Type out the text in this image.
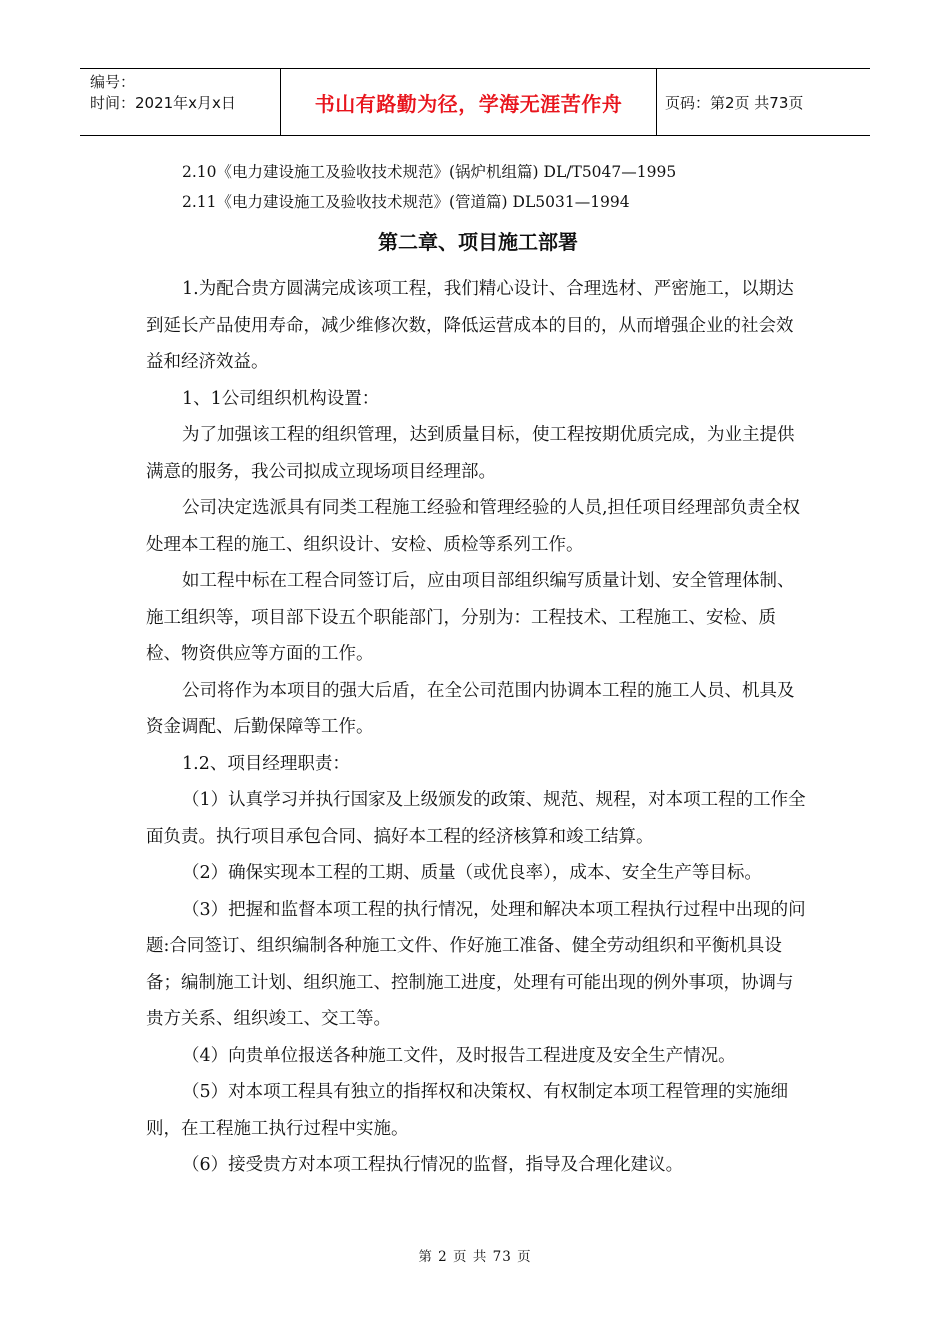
编号：
时间：2021年x月x日	书山有路勤为径，学海无涯苦作舟	页码：第2页 共73页

2.10《电力建设施工及验收技术规范》(锅炉机组篇) DL/T5047—1995

2.11《电力建设施工及验收技术规范》(管道篇) DL5031—1994

第二章、项目施工部署

1.为配合贵方圆满完成该项工程，我们精心设计、合理选材、严密施工，以期达到延长产品使用寿命，减少维修次数，降低运营成本的目的，从而增强企业的社会效益和经济效益。

1、1公司组织机构设置：

为了加强该工程的组织管理，达到质量目标，使工程按期优质完成，为业主提供满意的服务，我公司拟成立现场项目经理部。

公司决定选派具有同类工程施工经验和管理经验的人员,担任项目经理部负责全权处理本工程的施工、组织设计、安检、质检等系列工作。

如工程中标在工程合同签订后，应由项目部组织编写质量计划、安全管理体制、施工组织等，项目部下设五个职能部门，分别为：工程技术、工程施工、安检、质检、物资供应等方面的工作。

公司将作为本项目的强大后盾，在全公司范围内协调本工程的施工人员、机具及资金调配、后勤保障等工作。

1.2、项目经理职责：

（1）认真学习并执行国家及上级颁发的政策、规范、规程，对本项工程的工作全面负责。执行项目承包合同、搞好本工程的经济核算和竣工结算。

（2）确保实现本工程的工期、质量（或优良率），成本、安全生产等目标。

（3）把握和监督本项工程的执行情况，处理和解决本项工程执行过程中出现的问题:合同签订、组织编制各种施工文件、作好施工准备、健全劳动组织和平衡机具设备；编制施工计划、组织施工、控制施工进度，处理有可能出现的例外事项，协调与贵方关系、组织竣工、交工等。

（4）向贵单位报送各种施工文件，及时报告工程进度及安全生产情况。

（5）对本项工程具有独立的指挥权和决策权、有权制定本项工程管理的实施细则，在工程施工执行过程中实施。

（6）接受贵方对本项工程执行情况的监督，指导及合理化建议。

第 2 页 共 73 页
